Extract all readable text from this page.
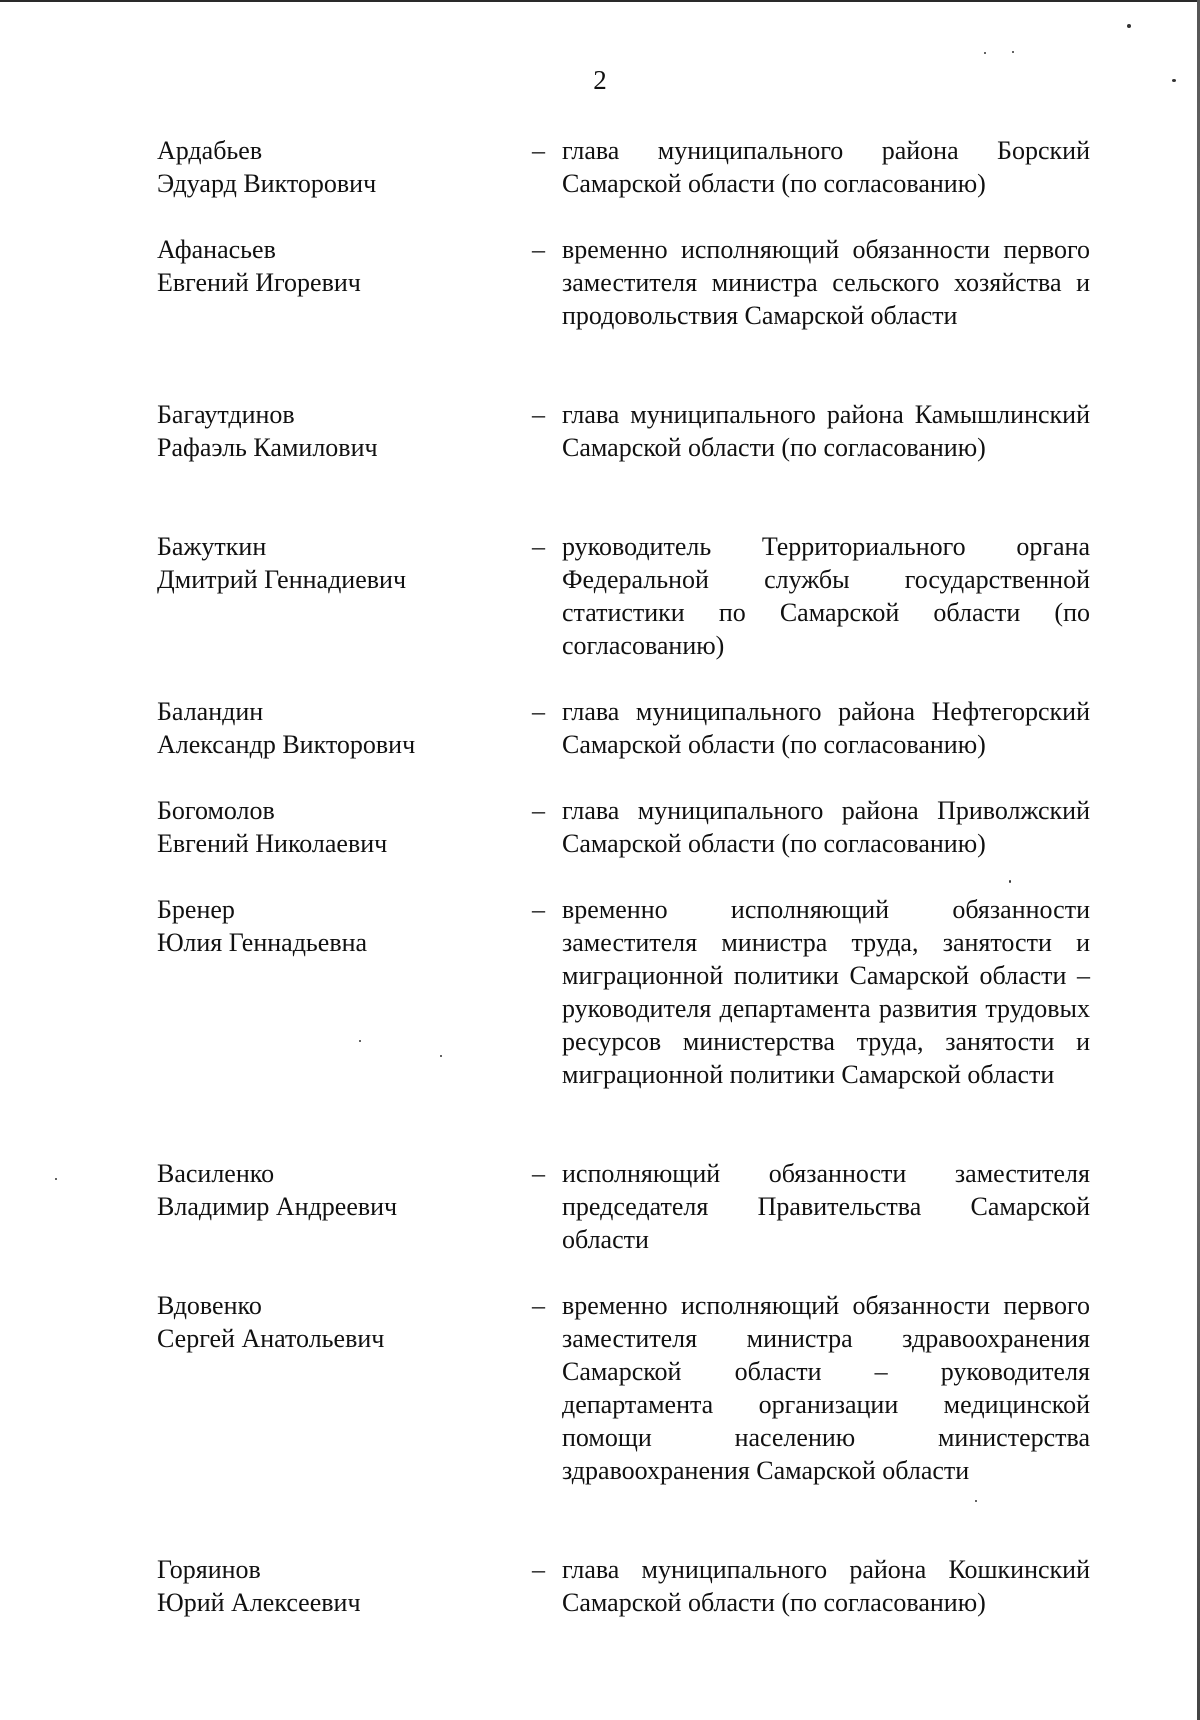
2
Ардабьев
Эдуард Викторович
– глава муниципального района Борский Самарской области (по согласованию)
Афанасьев
Евгений Игоревич
– временно исполняющий обязанности первого заместителя министра сельского хозяйства и продовольствия Самарской области
Багаутдинов
Рафаэль Камилович
– глава муниципального района Камышлинский Самарской области (по согласованию)
Бажуткин
Дмитрий Геннадиевич
– руководитель Территориального органа Федеральной службы государственной статистики по Самарской области (по согласованию)
Баландин
Александр Викторович
– глава муниципального района Нефтегорский Самарской области (по согласованию)
Богомолов
Евгений Николаевич
– глава муниципального района Приволжский Самарской области (по согласованию)
Бренер
Юлия Геннадьевна
– временно исполняющий обязанности заместителя министра труда, занятости и миграционной политики Самарской области – руководителя департамента развития трудовых ресурсов министерства труда, занятости и миграционной политики Самарской области
Василенко
Владимир Андреевич
– исполняющий обязанности заместителя председателя Правительства Самарской области
Вдовенко
Сергей Анатольевич
– временно исполняющий обязанности первого заместителя министра здравоохранения Самарской области – руководителя департамента организации медицинской помощи населению министерства здравоохранения Самарской области
Горяинов
Юрий Алексеевич
– глава муниципального района Кошкинский Самарской области (по согласованию)
